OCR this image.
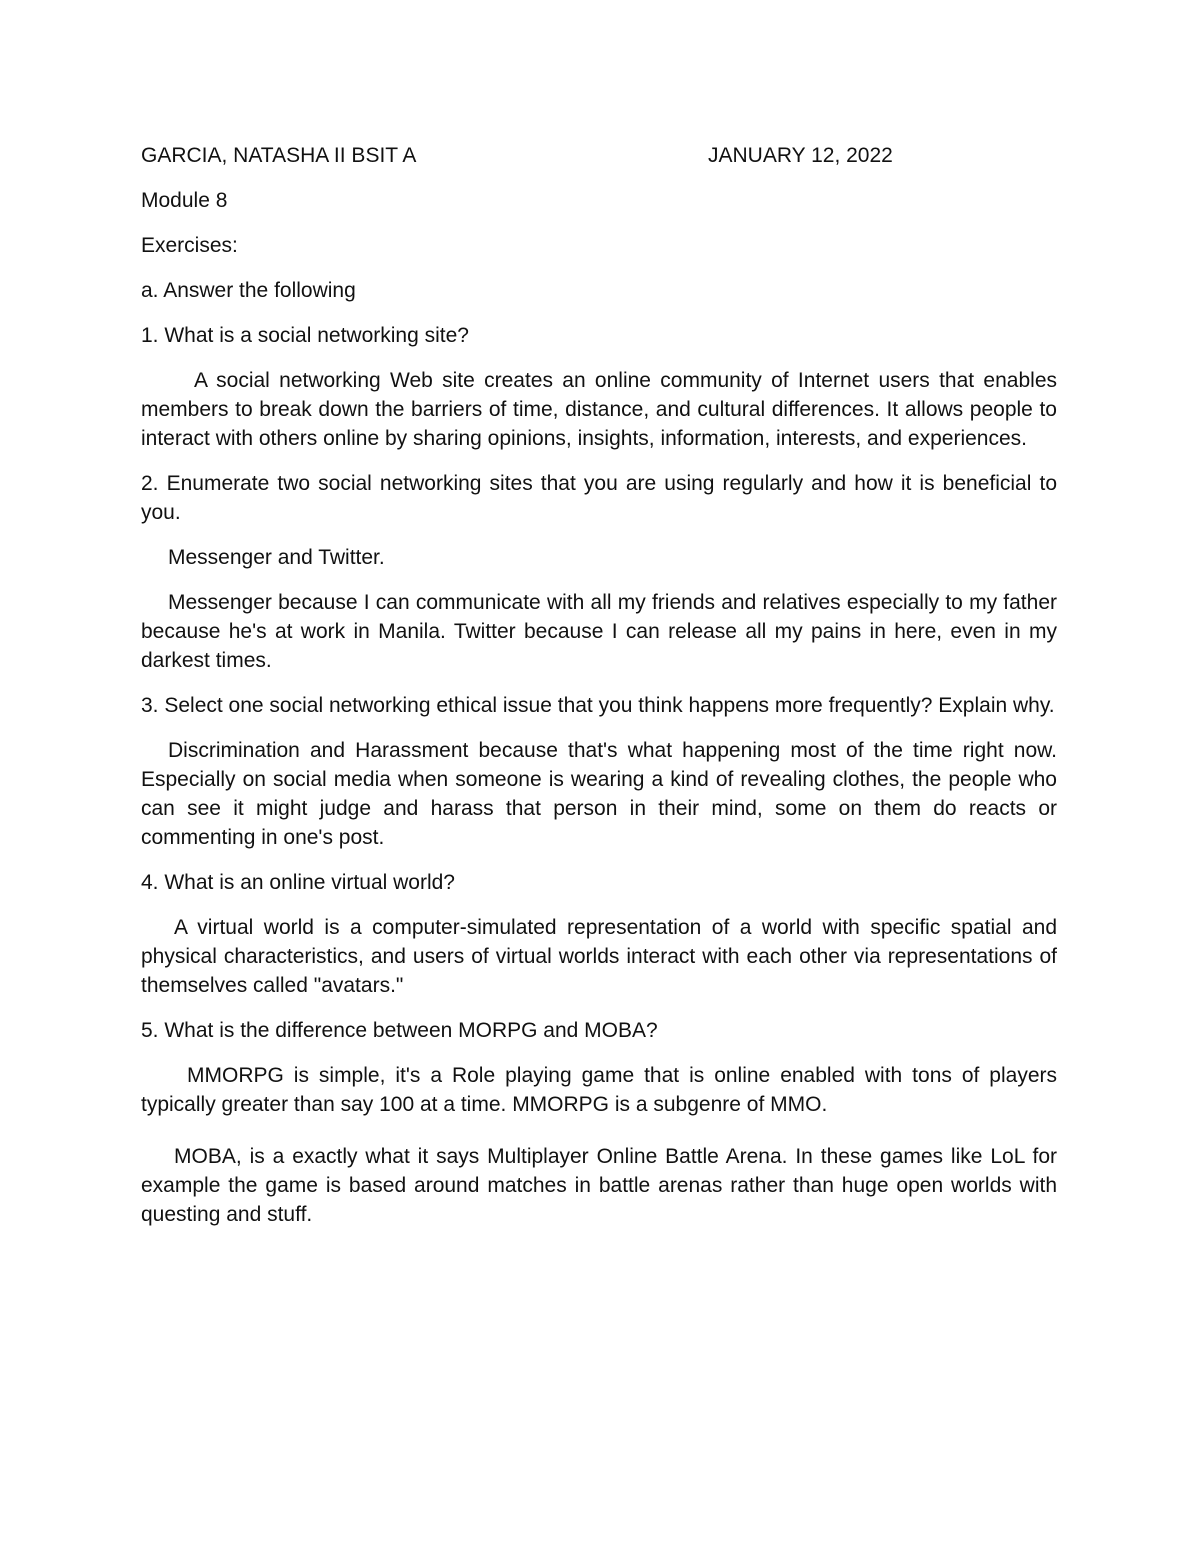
GARCIA, NATASHA II BSIT A	JANUARY 12, 2022

Module 8

Exercises:

a. Answer the following

1. What is a social networking site?

A social networking Web site creates an online community of Internet users that enables members to break down the barriers of time, distance, and cultural differences. It allows people to interact with others online by sharing opinions, insights, information, interests, and experiences.

2. Enumerate two social networking sites that you are using regularly and how it is beneficial to you.

Messenger and Twitter.

Messenger because I can communicate with all my friends and relatives especially to my father because he's at work in Manila. Twitter because I can release all my pains in here, even in my darkest times.

3. Select one social networking ethical issue that you think happens more frequently? Explain why.

Discrimination and Harassment because that's what happening most of the time right now. Especially on social media when someone is wearing a kind of revealing clothes, the people who can see it might judge and harass that person in their mind, some on them do reacts or commenting in one's post.

4. What is an online virtual world?

A virtual world is a computer-simulated representation of a world with specific spatial and physical characteristics, and users of virtual worlds interact with each other via representations of themselves called "avatars."

5. What is the difference between MORPG and MOBA?

MMORPG is simple, it's a Role playing game that is online enabled with tons of players typically greater than say 100 at a time. MMORPG is a subgenre of MMO.

MOBA, is a exactly what it says Multiplayer Online Battle Arena. In these games like LoL for example the game is based around matches in battle arenas rather than huge open worlds with questing and stuff.
